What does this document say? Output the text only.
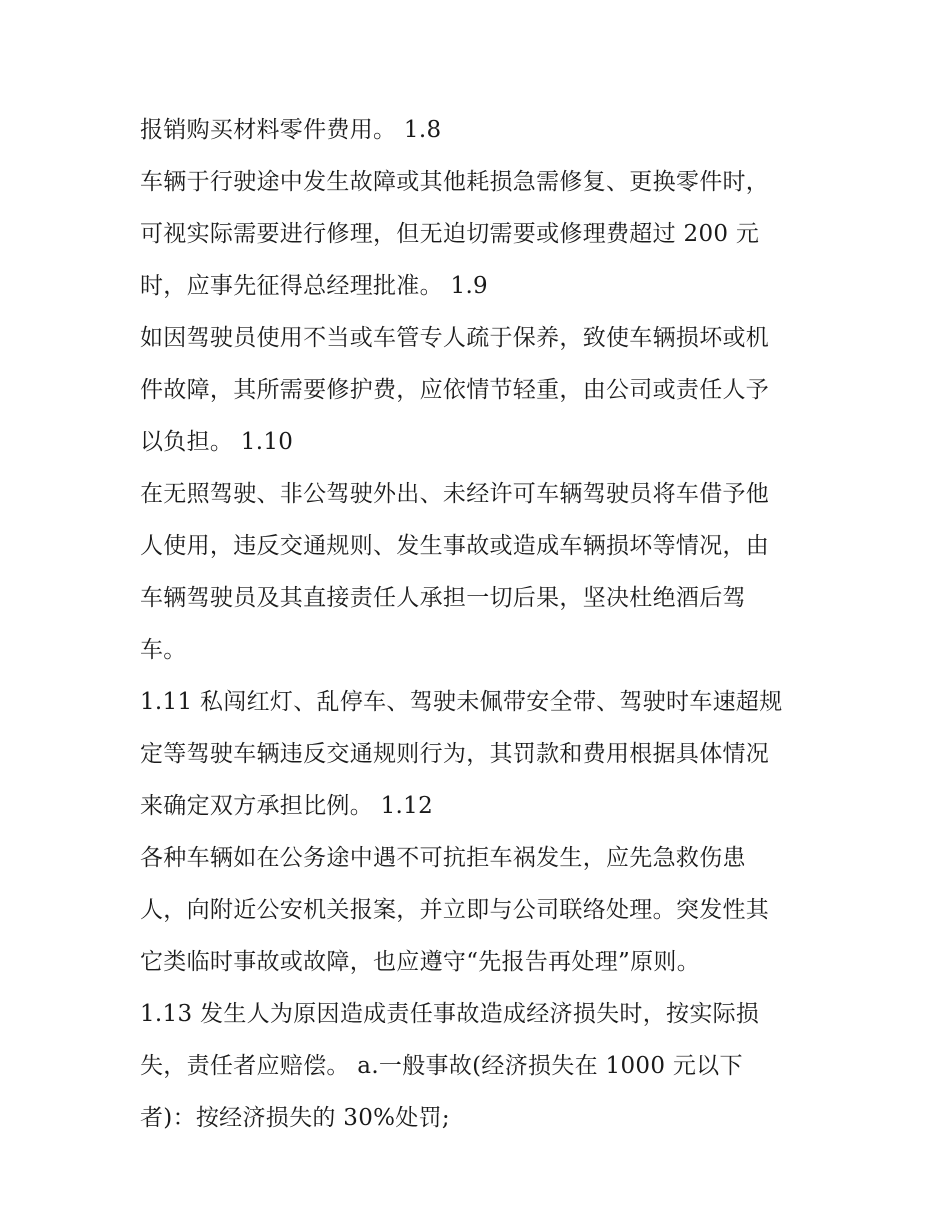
报销购买材料零件费用。 1.8
车辆于行驶途中发生故障或其他耗损急需修复、更换零件时，
可视实际需要进行修理，但无迫切需要或修理费超过 200 元
时，应事先征得总经理批准。 1.9
如因驾驶员使用不当或车管专人疏于保养，致使车辆损坏或机
件故障，其所需要修护费，应依情节轻重，由公司或责任人予
以负担。 1.10
在无照驾驶、非公驾驶外出、未经许可车辆驾驶员将车借予他
人使用，违反交通规则、发生事故或造成车辆损坏等情况，由
车辆驾驶员及其直接责任人承担一切后果，坚决杜绝酒后驾
车。
1.11 私闯红灯、乱停车、驾驶未佩带安全带、驾驶时车速超规
定等驾驶车辆违反交通规则行为，其罚款和费用根据具体情况
来确定双方承担比例。 1.12
各种车辆如在公务途中遇不可抗拒车祸发生，应先急救伤患
人，向附近公安机关报案，并立即与公司联络处理。突发性其
它类临时事故或故障，也应遵守“先报告再处理”原则。
1.13 发生人为原因造成责任事故造成经济损失时，按实际损
失，责任者应赔偿。 a.一般事故(经济损失在 1000 元以下
者)：按经济损失的 30%处罚;
